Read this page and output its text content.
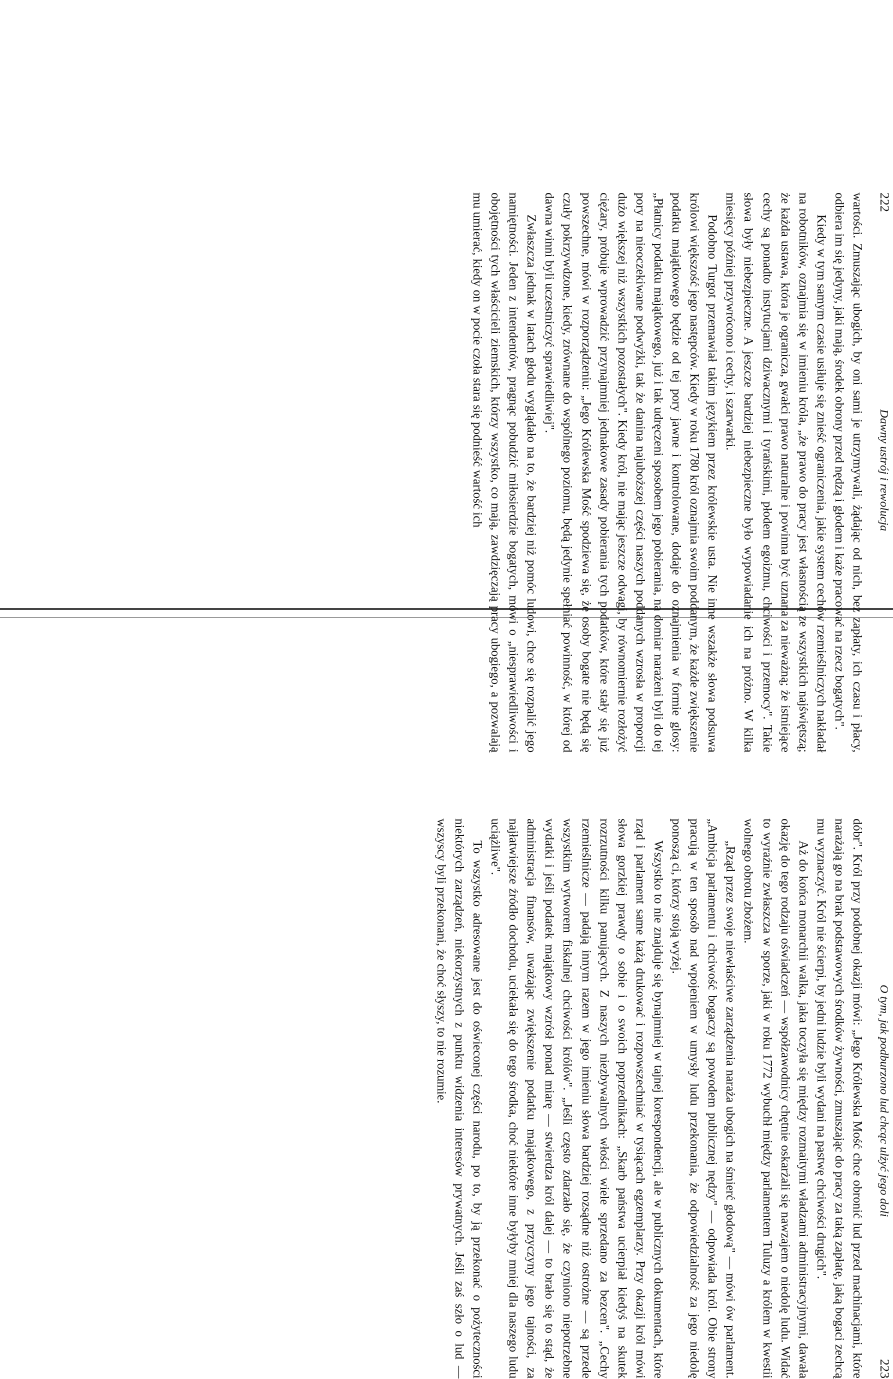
222
Dawny ustrój i rewolucja

wartości. Zmuszając ubogich, by oni sami je utrzymywali, żądając od nich, bez zapłaty, ich czasu i płacy, odbiera im się jedyny, jaki mają, środek obrony przed nędzą i głodem i każe pracować na rzecz bogatych".

Kiedy w tym samym czasie usiłuje się znieść ograniczenia, jakie system cechów rzemieślniczych nakładał na robotników, oznajmia się w imieniu króla, „że prawo do pracy jest własnością ze wszystkich najświętszą; że każda ustawa, która je ogranicza, gwałci prawo naturalne i powinna być uznana za nieważną; że istniejące cechy są ponadto instytucjami dziwacznymi i tyrańskimi, płodem egoizmu, chciwości i przemocy". Takie słowa były niebezpieczne. A jeszcze bardziej niebezpieczne było wypowiadanie ich na próżno. W kilka miesięcy później przywrócono i cechy, i szarwarki.

Podobno Turgot przemawiał takim językiem przez królewskie usta. Nie inne wszakże słowa podsuwa królowi większość jego następców. Kiedy w roku 1780 król oznajmia swoim poddanym, że każde zwiększenie podatku majątkowego będzie od tej pory jawne i kontrolowane, dodaje do oznajmienia w formie glosy: „Płatnicy podatku majątkowego, już i tak udręczeni sposobem jego pobierania, na domiar narażeni byli do tej pory na nieoczekiwane podwyżki, tak że danina najuboższej części naszych poddanych wzrosła w proporcji dużo większej niż wszystkich pozostałych". Kiedy król, nie mając jeszcze odwagi, by równomiernie rozłożyć ciężary, próbuje wprowadzić przynajmniej jednakowe zasady pobierania tych podatków, które stały się już powszechne, mówi w rozporządzeniu: „Jego Królewska Mość spodziewa się, że osoby bogate nie będą się czuły pokrzywdzone, kiedy, zrównane do wspólnego poziomu, będą jedynie spełniać powinność, w której od dawna winni byli uczestniczyć sprawiedliwiej".

Zwłaszcza jednak w latach głodu wyglądało na to, że bardziej niż pomóc ludowi, chce się rozpalić jego namiętności. Jeden z intendentów, pragnąc pobudzić miłosierdzie bogatych, mówi o „niesprawiedliwości i obojętności tych właścicieli ziemskich, którzy wszystko, co mają, zawdzięczają pracy ubogiego, a pozwalają mu umierać, kiedy on w pocie czoła stara się podnieść wartość ich

O tym, jak podburzono lud chcąc ulżyć jego doli
223

dóbr". Król przy podobnej okazji mówi: „Jego Królewska Mość chce obronić lud przed machinacjami, które narażają go na brak podstawowych środków żywności, zmuszając do pracy za taką zapłatę, jaką bogaci zechcą mu wyznaczyć. Król nie ścierpi, by jedni ludzie byli wydani na pastwę chciwości drugich".

Aż do końca monarchii walka, jaka toczyła się między rozmaitymi władzami administracyjnymi, dawała okazję do tego rodzaju oświadczeń — współzawodnicy chętnie oskarżali się nawzajem o niedolę ludu. Widać to wyraźnie zwłaszcza w sporze, jaki w roku 1772 wybuchł między parlamentem Tuluzy a królem w kwestii wolnego obrotu zbożem.

„Rząd przez swoje niewłaściwe zarządzenia naraża ubogich na śmierć głodową" — mówi ów parlament. „Ambicja parlamentu i chciwość bogaczy są powodem publicznej nędzy" — odpowiada król. Obie strony pracują w ten sposób nad wpojeniem w umysły ludu przekonania, że odpowiedzialność za jego niedolę ponoszą ci, którzy stoją wyżej.

Wszystko to nie znajduje się bynajmniej w tajnej korespondencji, ale w publicznych dokumentach, które rząd i parlament same każą drukować i rozpowszechniać w tysiącach egzemplarzy. Przy okazji król mówi słowa gorzkiej prawdy o sobie i o swoich poprzednikach: „Skarb państwa ucierpiał kiedyś na skutek rozrzutności kilku panujących. Z naszych niezbywalnych włości wiele sprzedano za bezcen". „Cechy rzemieślnicze — padają innym razem w jego imieniu słowa bardziej rozsądne niż ostrożne — są przede wszystkim wytworem fiskalnej chciwości królów". „Jeśli często zdarzało się, że czyniono niepotrzebne wydatki i jeśli podatek majątkowy wzrósł ponad miarę — stwierdza król dalej — to brało się to stąd, że administracja finansów, uważając zwiększenie podatku majątkowego, z przyczyny jego tajności, za najłatwiejsze źródło dochodu, uciekała się do tego środka, choć niektóre inne byłyby mniej dla naszego ludu uciążliwe".

To wszystko adresowane jest do oświeconej części narodu, po to, by ją przekonać o pożyteczności niektórych zarządzeń, niekorzystnych z punktu widzenia interesów prywatnych. Jeśli zaś szło o lud — wszyscy byli przekonani, że choć słyszy, to nie rozumie.
